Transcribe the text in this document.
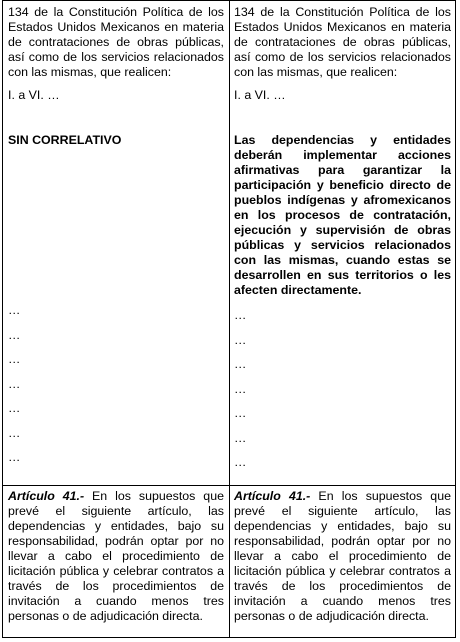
134 de la Constitución Política de los Estados Unidos Mexicanos en materia de contrataciones de obras públicas, así como de los servicios relacionados con las mismas, que realicen:

I. a VI. …

SIN CORRELATIVO

…

…

…

…

…

…

…

Artículo 41.- En los supuestos que prevé el siguiente artículo, las dependencias y entidades, bajo su responsabilidad, podrán optar por no llevar a cabo el procedimiento de licitación pública y celebrar contratos a través de los procedimientos de invitación a cuando menos tres personas o de adjudicación directa.

134 de la Constitución Política de los Estados Unidos Mexicanos en materia de contrataciones de obras públicas, así como de los servicios relacionados con las mismas, que realicen:

I. a VI. …

Las dependencias y entidades deberán implementar acciones afirmativas para garantizar la participación y beneficio directo de pueblos indígenas y afromexicanos en los procesos de contratación, ejecución y supervisión de obras públicas y servicios relacionados con las mismas, cuando estas se desarrollen en sus territorios o les afecten directamente.

…

…

…

…

…

…

…

Artículo 41.- En los supuestos que prevé el siguiente artículo, las dependencias y entidades, bajo su responsabilidad, podrán optar por no llevar a cabo el procedimiento de licitación pública y celebrar contratos a través de los procedimientos de invitación a cuando menos tres personas o de adjudicación directa.
